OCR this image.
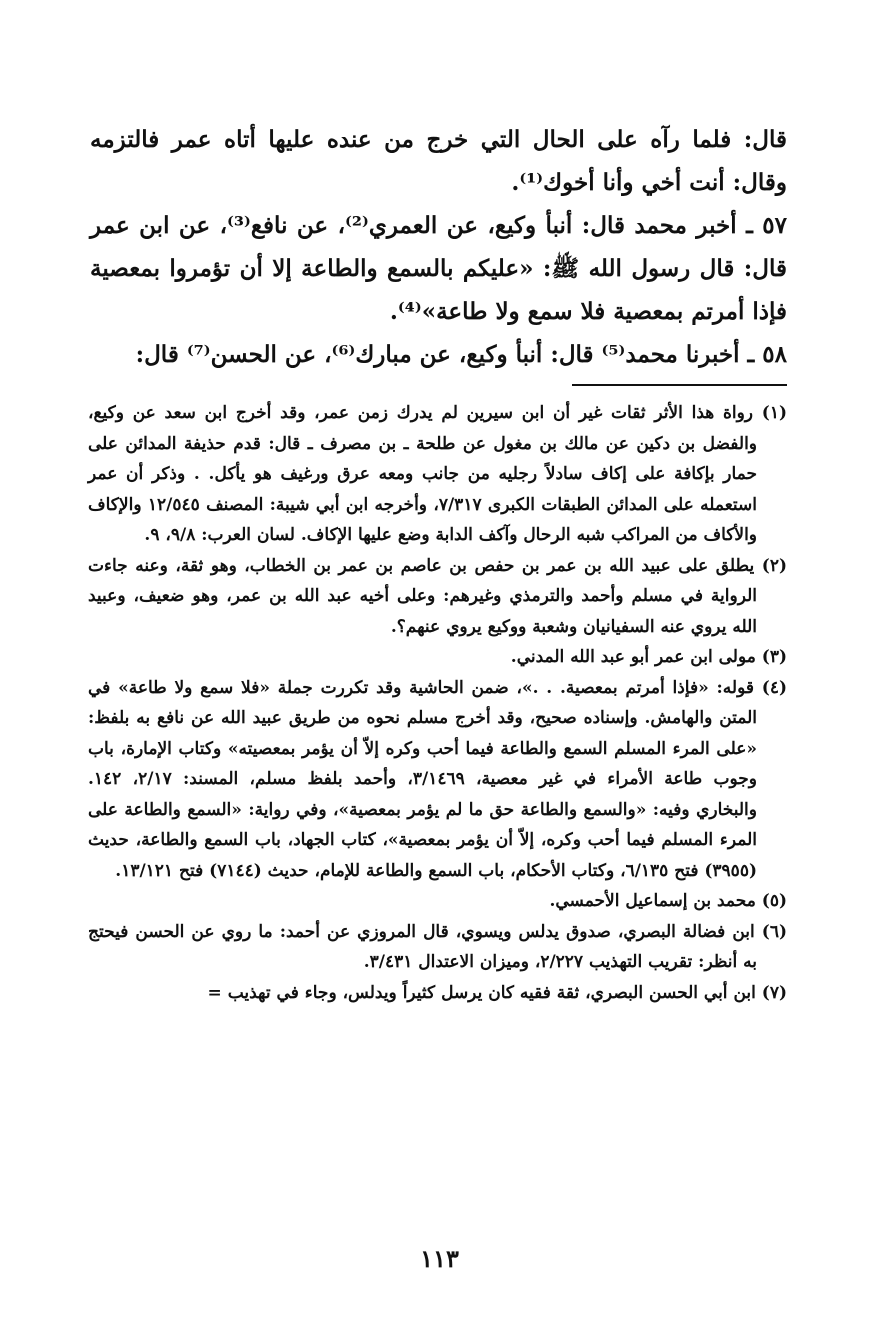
قال: فلما رآه على الحال التي خرج من عنده عليها أتاه عمر فالتزمه وقال: أنت أخي وأنا أخوك⁽¹⁾.

٥٧ ـ أخبر محمد قال: أنبأ وكيع، عن العمري⁽²⁾، عن نافع⁽³⁾، عن ابن عمر قال: قال رسول الله ﷺ: «عليكم بالسمع والطاعة إلا أن تؤمروا بمعصية فإذا أمرتم بمعصية فلا سمع ولا طاعة»⁽⁴⁾.

٥٨ ـ أخبرنا محمد⁽⁵⁾ قال: أنبأ وكيع، عن مبارك⁽⁶⁾، عن الحسن⁽⁷⁾ قال:

(١) رواة هذا الأثر ثقات غير أن ابن سيرين لم يدرك زمن عمر، وقد أخرج ابن سعد عن وكيع، والفضل بن دكين عن مالك بن مغول عن طلحة ـ بن مصرف ـ قال: قدم حذيفة المدائن على حمار بإكافة على إكاف سادلاً رجليه من جانب ومعه عرق ورغيف هو يأكل. . وذكر أن عمر استعمله على المدائن الطبقات الكبرى ٧/٣١٧، وأخرجه ابن أبي شيبة: المصنف ١٢/٥٤٥ والإكاف والأكاف من المراكب شبه الرحال وآكف الدابة وضع عليها الإكاف. لسان العرب: ٩/٨، ٩.

(٢) يطلق على عبيد الله بن عمر بن حفص بن عاصم بن عمر بن الخطاب، وهو ثقة، وعنه جاءت الرواية في مسلم وأحمد والترمذي وغيرهم: وعلى أخيه عبد الله بن عمر، وهو ضعيف، وعبيد الله يروي عنه السفيانيان وشعبة ووكيع يروي عنهم؟.

(٣) مولى ابن عمر أبو عبد الله المدني.

(٤) قوله: «فإذا أمرتم بمعصية. . .»، ضمن الحاشية وقد تكررت جملة «فلا سمع ولا طاعة» في المتن والهامش. وإسناده صحيح، وقد أخرج مسلم نحوه من طريق عبيد الله عن نافع به بلفظ: «على المرء المسلم السمع والطاعة فيما أحب وكره إلاّ أن يؤمر بمعصيته» وكتاب الإمارة، باب وجوب طاعة الأمراء في غير معصية، ٣/١٤٦٩، وأحمد بلفظ مسلم، المسند: ٢/١٧، ١٤٢. والبخاري وفيه: «والسمع والطاعة حق ما لم يؤمر بمعصية»، وفي رواية: «السمع والطاعة على المرء المسلم فيما أحب وكره، إلاّ أن يؤمر بمعصية»، كتاب الجهاد، باب السمع والطاعة، حديث (٣٩٥٥) فتح ٦/١٣٥، وكتاب الأحكام، باب السمع والطاعة للإمام، حديث (٧١٤٤) فتح ١٣/١٢١.

(٥) محمد بن إسماعيل الأحمسي.

(٦) ابن فضالة البصري، صدوق يدلس ويسوي، قال المروزي عن أحمد: ما روي عن الحسن فيحتج به أنظر: تقريب التهذيب ٢/٢٢٧، وميزان الاعتدال ٣/٤٣١.

(٧) ابن أبي الحسن البصري، ثقة فقيه كان يرسل كثيراً ويدلس، وجاء في تهذيب =

١١٣
